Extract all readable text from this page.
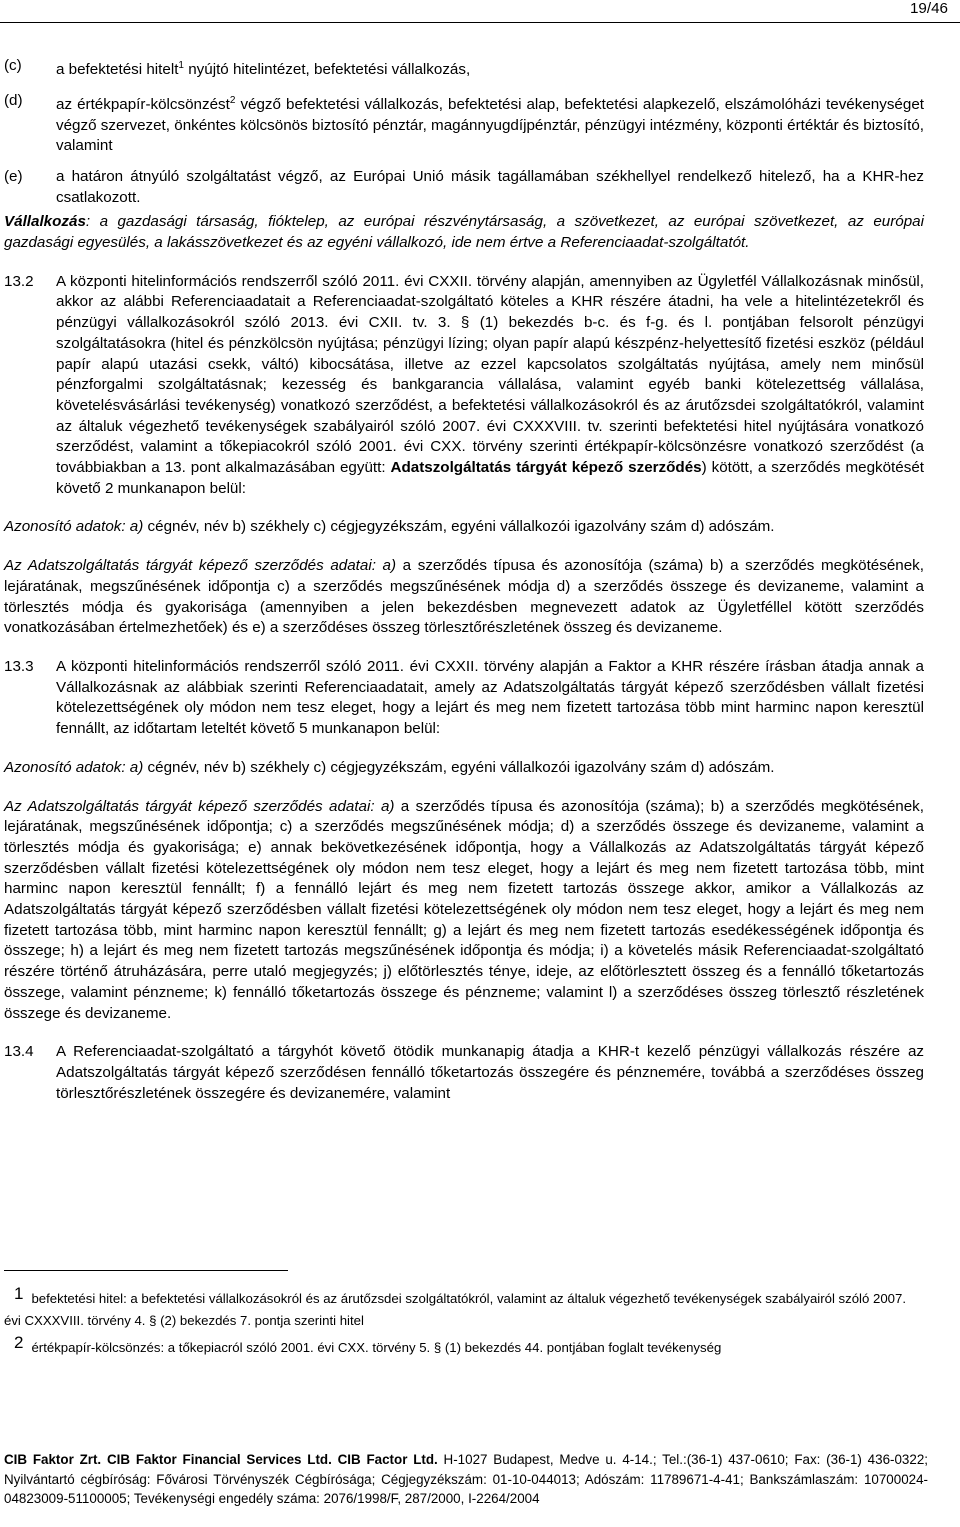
19/46
(c)	a befektetési hitelt$^1$ nyújtó hitelintézet, befektetési vállalkozás,
(d)	az értékpapír-kölcsönzést$^2$ végző befektetési vállalkozás, befektetési alap, befektetési alapkezelő, elszámolóházi tevékenységet végző szervezet, önkéntes kölcsönös biztosító pénztár, magánnyugdíjpénztár, pénzügyi intézmény, központi értéktár és biztosító, valamint
(e)	a határon átnyúló szolgáltatást végző, az Európai Unió másik tagállamában székhellyel rendelkező hitelező, ha a KHR-hez csatlakozott.

Vállalkozás: a gazdasági társaság, fióktelep, az európai részvénytársaság, a szövetkezet, az európai szövetkezet, az európai gazdasági egyesülés, a lakásszövetkezet és az egyéni vállalkozó, ide nem értve a Referenciaadat-szolgáltatót.

13.2	A központi hitelinformációs rendszerről szóló 2011. évi CXXII. törvény alapján, amennyiben az Ügyletfél Vállalkozásnak minősül, akkor az alábbi Referenciaadatait a Referenciaadat-szolgáltató köteles a KHR részére átadni, ha vele a hitelintézetekről és pénzügyi vállalkozásokról szóló 2013. évi CXII. tv. 3. § (1) bekezdés b-c. és f-g. és l. pontjában felsorolt pénzügyi szolgáltatásokra (hitel és pénzkölcsön nyújtása; pénzügyi lízing; olyan papír alapú készpénz-helyettesítő fizetési eszköz (például papír alapú utazási csekk, váltó) kibocsátása, illetve az ezzel kapcsolatos szolgáltatás nyújtása, amely nem minősül pénzforgalmi szolgáltatásnak; kezesség és bankgarancia vállalása, valamint egyéb banki kötelezettség vállalása, követelésvásárlási tevékenység) vonatkozó szerződést, a befektetési vállalkozásokról és az árutőzsdei szolgáltatókról, valamint az általuk végezhető tevékenységek szabályairól szóló 2007. évi CXXXVIII. tv. szerinti befektetési hitel nyújtására vonatkozó szerződést, valamint a tőkepiacokról szóló 2001. évi CXX. törvény szerinti értékpapír-kölcsönzésre vonatkozó szerződést (a továbbiakban a 13. pont alkalmazásában együtt: Adatszolgáltatás tárgyát képező szerződés) kötött, a szerződés megkötését követő 2 munkanapon belül:

Azonosító adatok: a) cégnév, név b) székhely c) cégjegyzékszám, egyéni vállalkozói igazolvány szám d) adószám.

Az Adatszolgáltatás tárgyát képező szerződés adatai: a) a szerződés típusa és azonosítója (száma) b) a szerződés megkötésének, lejáratának, megszűnésének időpontja c) a szerződés megszűnésének módja d) a szerződés összege és devizaneme, valamint a törlesztés módja és gyakorisága (amennyiben a jelen bekezdésben megnevezett adatok az Ügyletféllel kötött szerződés vonatkozásában értelmezhetőek) és e) a szerződéses összeg törlesztőrészletének összeg és devizaneme.

13.3	A központi hitelinformációs rendszerről szóló 2011. évi CXXII. törvény alapján a Faktor a KHR részére írásban átadja annak a Vállalkozásnak az alábbiak szerinti Referenciaadatait, amely az Adatszolgáltatás tárgyát képező szerződésben vállalt fizetési kötelezettségének oly módon nem tesz eleget, hogy a lejárt és meg nem fizetett tartozása több mint harminc napon keresztül fennállt, az időtartam leteltét követő 5 munkanapon belül:

Azonosító adatok: a) cégnév, név b) székhely c) cégjegyzékszám, egyéni vállalkozói igazolvány szám d) adószám.

Az Adatszolgáltatás tárgyát képező szerződés adatai: a) a szerződés típusa és azonosítója (száma); b) a szerződés megkötésének, lejáratának, megszűnésének időpontja; c) a szerződés megszűnésének módja; d) a szerződés összege és devizaneme, valamint a törlesztés módja és gyakorisága; e) annak bekövetkezésének időpontja, hogy a Vállalkozás az Adatszolgáltatás tárgyát képező szerződésben vállalt fizetési kötelezettségének oly módon nem tesz eleget, hogy a lejárt és meg nem fizetett tartozása több, mint harminc napon keresztül fennállt; f) a fennálló lejárt és meg nem fizetett tartozás összege akkor, amikor a Vállalkozás az Adatszolgáltatás tárgyát képező szerződésben vállalt fizetési kötelezettségének oly módon nem tesz eleget, hogy a lejárt és meg nem fizetett tartozása több, mint harminc napon keresztül fennállt; g) a lejárt és meg nem fizetett tartozás esedékességének időpontja és összege; h) a lejárt és meg nem fizetett tartozás megszűnésének időpontja és módja; i) a követelés másik Referenciaadat-szolgáltató részére történő átruházására, perre utaló megjegyzés; j) előtörlesztés ténye, ideje, az előtörlesztett összeg és a fennálló tőketartozás összege, valamint pénzneme; k) fennálló tőketartozás összege és pénzneme; valamint l) a szerződéses összeg törlesztő részletének összege és devizaneme.

13.4	A Referenciaadat-szolgáltató a tárgyhót követő ötödik munkanapig átadja a KHR-t kezelő pénzügyi vállalkozás részére az Adatszolgáltatás tárgyát képező szerződésen fennálló tőketartozás összegére és pénznemére, továbbá a szerződéses összeg törlesztőrészletének összegére és devizanemére, valamint
1 befektetési hitel: a befektetési vállalkozásokról és az árutőzsdei szolgáltatókról, valamint az általuk végezhető tevékenységek szabályairól szóló 2007. évi CXXXVIII. törvény 4. § (2) bekezdés 7. pontja szerinti hitel
2 értékpapír-kölcsönzés: a tőkepiacról szóló 2001. évi CXX. törvény 5. § (1) bekezdés 44. pontjában foglalt tevékenység
CIB Faktor Zrt. CIB Faktor Financial Services Ltd. CIB Factor Ltd. H-1027 Budapest, Medve u. 4-14.; Tel.:(36-1) 437-0610; Fax: (36-1) 436-0322; Nyilvántartó cégbíróság: Fővárosi Törvényszék Cégbírósága; Cégjegyzékszám: 01-10-044013; Adószám: 11789671-4-41; Bankszámlaszám: 10700024-04823009-51100005; Tevékenységi engedély száma: 2076/1998/F, 287/2000, I-2264/2004
